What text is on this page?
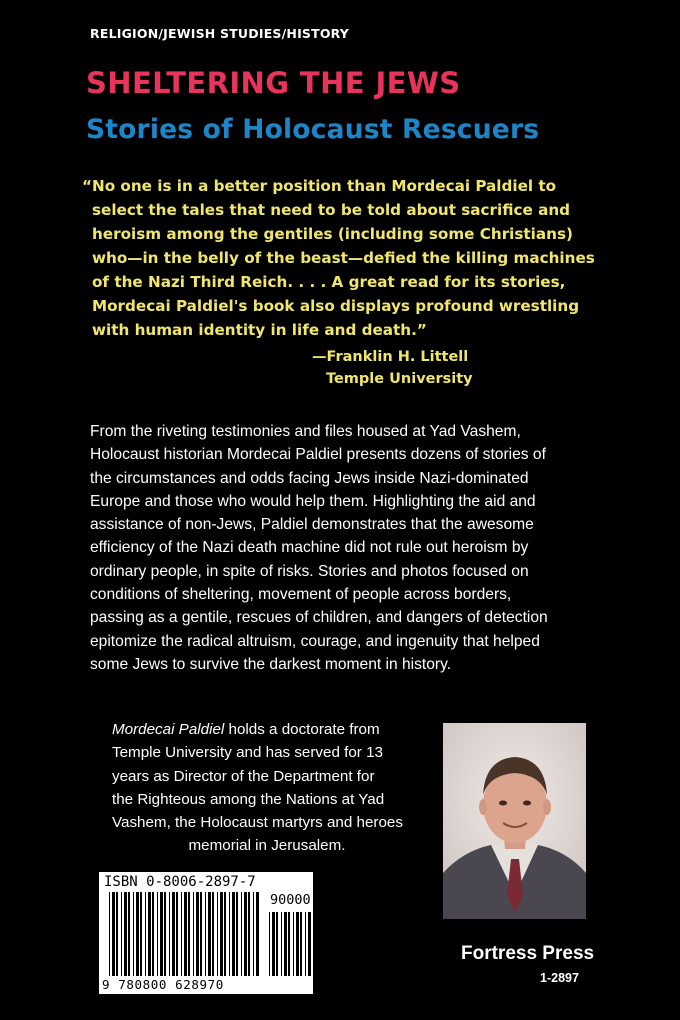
RELIGION/JEWISH STUDIES/HISTORY
SHELTERING THE JEWS
Stories of Holocaust Rescuers

“No one is in a better position than Mordecai Paldiel to
select the tales that need to be told about sacrifice and
heroism among the gentiles (including some Christians)
who—in the belly of the beast—defied the killing machines
of the Nazi Third Reich. . . . A great read for its stories,
Mordecai Paldiel's book also displays profound wrestling
with human identity in life and death.”

—Franklin H. Littell
Temple University

From the riveting testimonies and files housed at Yad Vashem,
Holocaust historian Mordecai Paldiel presents dozens of stories of
the circumstances and odds facing Jews inside Nazi-dominated
Europe and those who would help them. Highlighting the aid and
assistance of non-Jews, Paldiel demonstrates that the awesome
efficiency of the Nazi death machine did not rule out heroism by
ordinary people, in spite of risks. Stories and photos focused on
conditions of sheltering, movement of people across borders,
passing as a gentile, rescues of children, and dangers of detection
epitomize the radical altruism, courage, and ingenuity that helped
some Jews to survive the darkest moment in history.

Mordecai Paldiel holds a doctorate from
Temple University and has served for 13
years as Director of the Department for
the Righteous among the Nations at Yad
Vashem, the Holocaust martyrs and heroes
memorial in Jerusalem.

ISBN 0-8006-2897-7
90000
9 780800 628970
Fortress Press
1-2897
